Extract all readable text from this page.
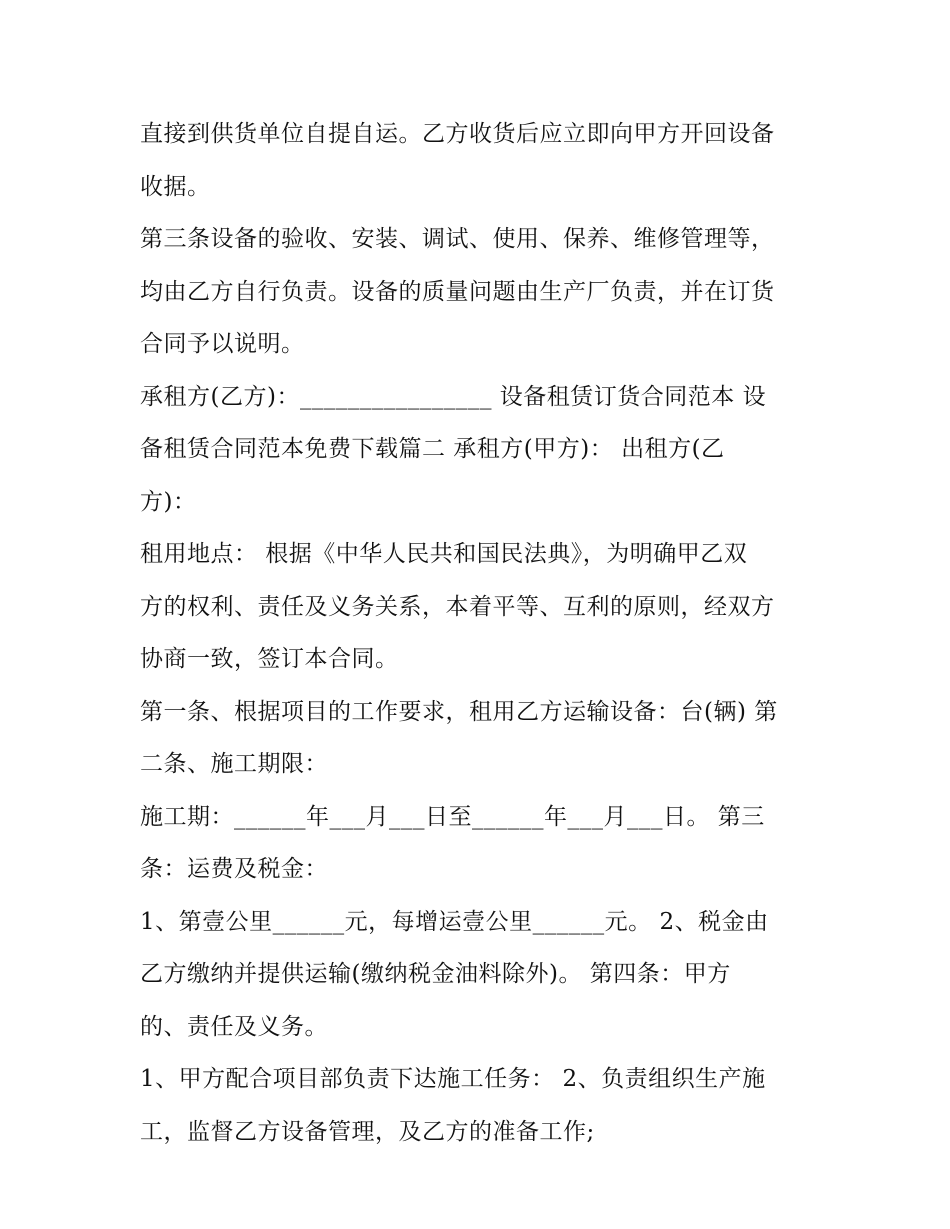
直接到供货单位自提自运。乙方收货后应立即向甲方开回设备
收据。
第三条设备的验收、安装、调试、使用、保养、维修管理等，
均由乙方自行负责。设备的质量问题由生产厂负责，并在订货
合同予以说明。
承租方(乙方)：________________ 设备租赁订货合同范本 设
备租赁合同范本免费下载篇二 承租方(甲方)： 出租方(乙
方)：
租用地点： 根据《中华人民共和国民法典》，为明确甲乙双
方的权利、责任及义务关系，本着平等、互利的原则，经双方
协商一致，签订本合同。
第一条、根据项目的工作要求，租用乙方运输设备：台(辆) 第
二条、施工期限：
施工期：______年___月___日至______年___月___日。 第三
条：运费及税金：
1、第壹公里______元，每增运壹公里______元。 2、税金由
乙方缴纳并提供运输(缴纳税金油料除外)。 第四条：甲方
的、责任及义务。
1、甲方配合项目部负责下达施工任务： 2、负责组织生产施
工，监督乙方设备管理，及乙方的准备工作;
